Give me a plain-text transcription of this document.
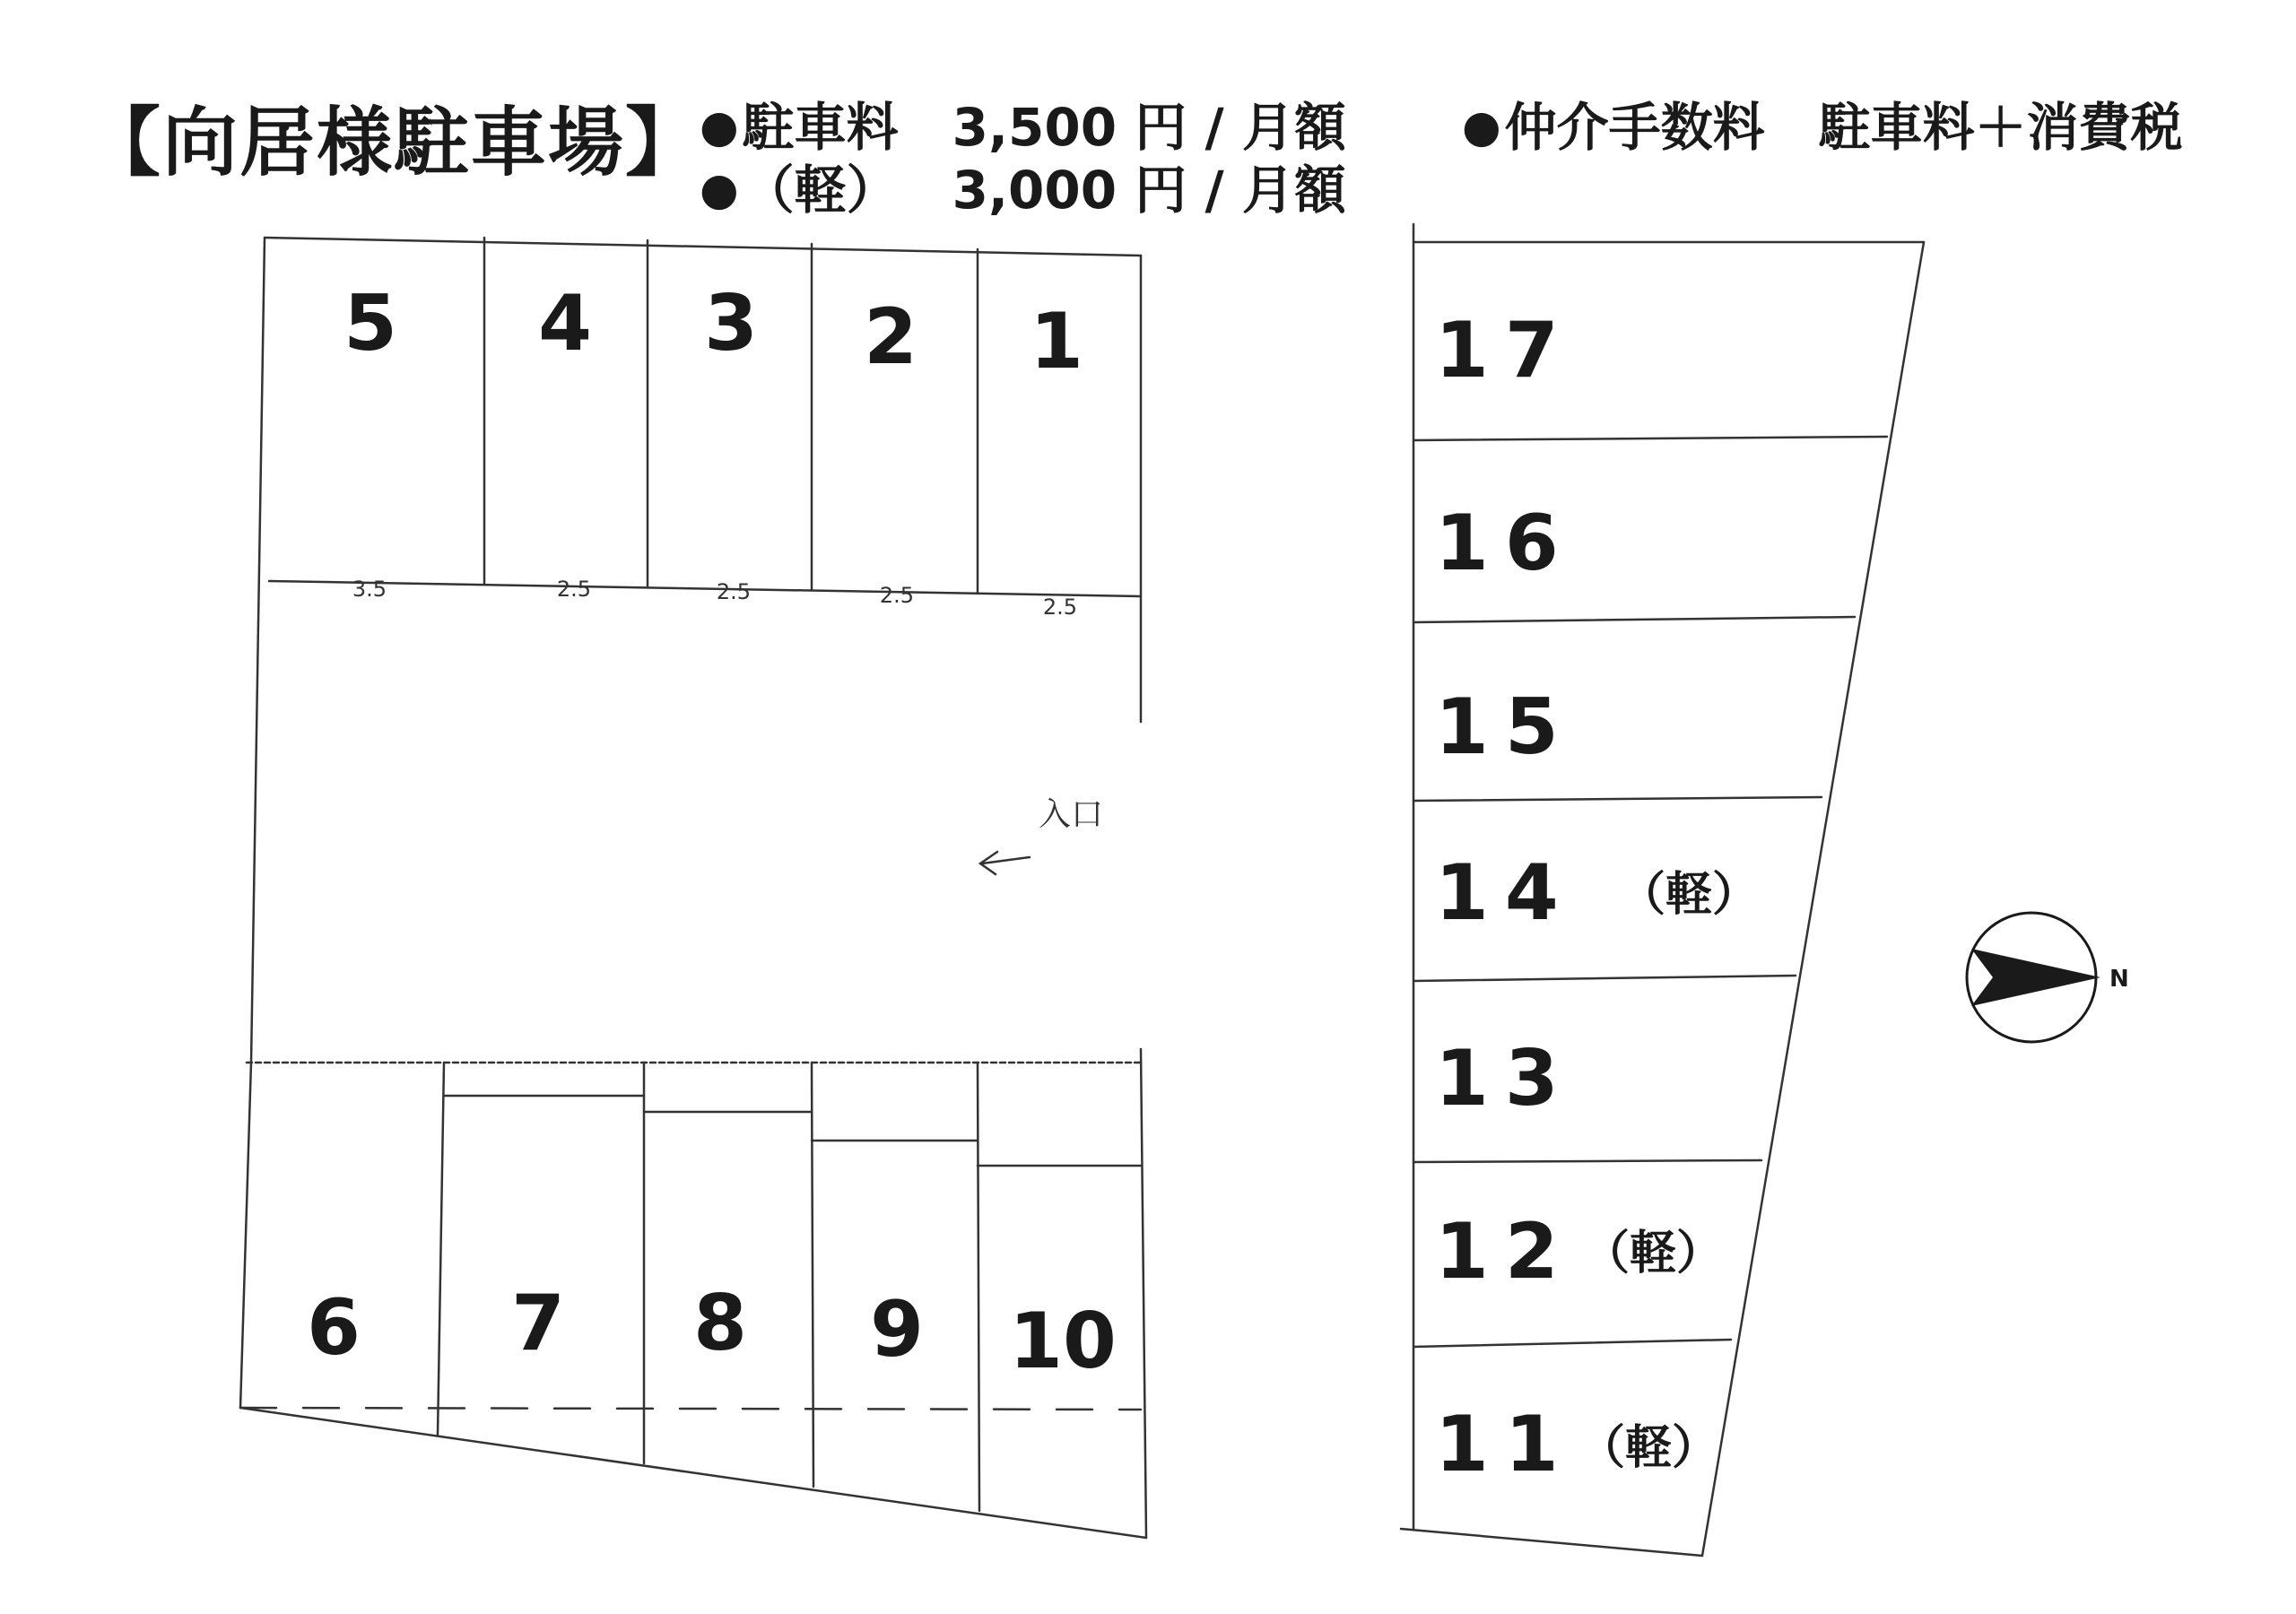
【向居様駐車場】
●駐車料 3,500 円 / 月額
●（軽） 3,000 円 / 月額
●仲介手数料 駐車料＋消費税
5 4 3 2 1
3.5	2.5	2.5	2.5	2.5
6 7 8 9 10
入口
17
16
15
14
13
12
11
（軽）
（軽）
（軽）
N
